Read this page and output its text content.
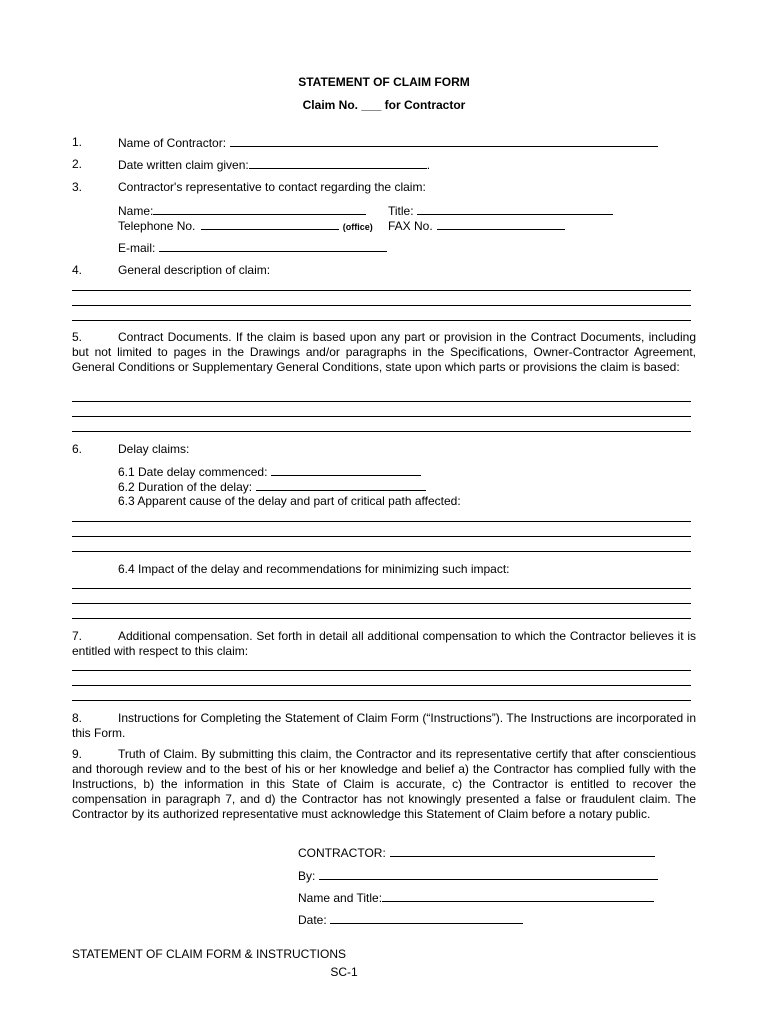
STATEMENT OF CLAIM FORM
Claim No. ___ for Contractor
1.	Name of Contractor:
2.	Date written claim given:	.
3.	Contractor's representative to contact regarding the claim:
Name:	Title:
Telephone No.	(office) FAX No.
E-mail:
4.	General description of claim:
5.	Contract Documents. If the claim is based upon any part or provision in the Contract Documents, including but not limited to pages in the Drawings and/or paragraphs in the Specifications, Owner-Contractor Agreement, General Conditions or Supplementary General Conditions, state upon which parts or provisions the claim is based:
6.	Delay claims:
6.1 Date delay commenced:
6.2 Duration of the delay:
6.3 Apparent cause of the delay and part of critical path affected:
6.4 Impact of the delay and recommendations for minimizing such impact:
7.	Additional compensation. Set forth in detail all additional compensation to which the Contractor believes it is entitled with respect to this claim:
8.	Instructions for Completing the Statement of Claim Form (“Instructions”). The Instructions are incorporated in this Form.
9.	Truth of Claim. By submitting this claim, the Contractor and its representative certify that after conscientious and thorough review and to the best of his or her knowledge and belief a) the Contractor has complied fully with the Instructions, b) the information in this State of Claim is accurate, c) the Contractor is entitled to recover the compensation in paragraph 7, and d) the Contractor has not knowingly presented a false or fraudulent claim. The Contractor by its authorized representative must acknowledge this Statement of Claim before a notary public.
CONTRACTOR:
By:
Name and Title:
Date:
STATEMENT OF CLAIM FORM & INSTRUCTIONS
SC-1
